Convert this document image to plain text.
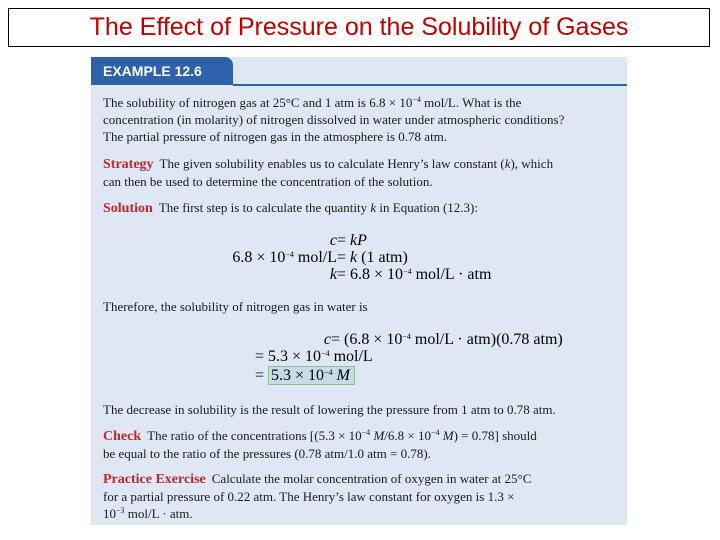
The Effect of Pressure on the Solubility of Gases
EXAMPLE 12.6

The solubility of nitrogen gas at 25°C and 1 atm is $6.8 \times 10^{-4}$ mol/L. What is the

concentration (in molarity) of nitrogen dissolved in water under atmospheric conditions?

The partial pressure of nitrogen gas in the atmosphere is 0.78 atm.

Strategy The given solubility enables us to calculate Henry’s law constant (k), which

can then be used to determine the concentration of the solution.

Solution The first step is to calculate the quantity k in Equation (12.3):

c = kP
$6.8 \times 10^{-4}$ mol/L = k (1 atm)
$k = 6.8 \times 10^{-4}$ mol/L · atm

Therefore, the solubility of nitrogen gas in water is

$c = (6.8 \times 10^{-4}$ mol/L · atm)(0.78 atm)
= $5.3 \times 10^{-4}$ mol/L
= $5.3 \times 10^{-4}$ M

The decrease in solubility is the result of lowering the pressure from 1 atm to 0.78 atm.

Check The ratio of the concentrations [($5.3 \times 10^{-4}$ $M/6.8 \times 10^{-4}$ M) = 0.78] should

be equal to the ratio of the pressures (0.78 atm/1.0 atm = 0.78).

Practice Exercise Calculate the molar concentration of oxygen in water at 25°C

for a partial pressure of 0.22 atm. The Henry’s law constant for oxygen is 1.3 ×

$10^{-3}$ mol/L · atm.
